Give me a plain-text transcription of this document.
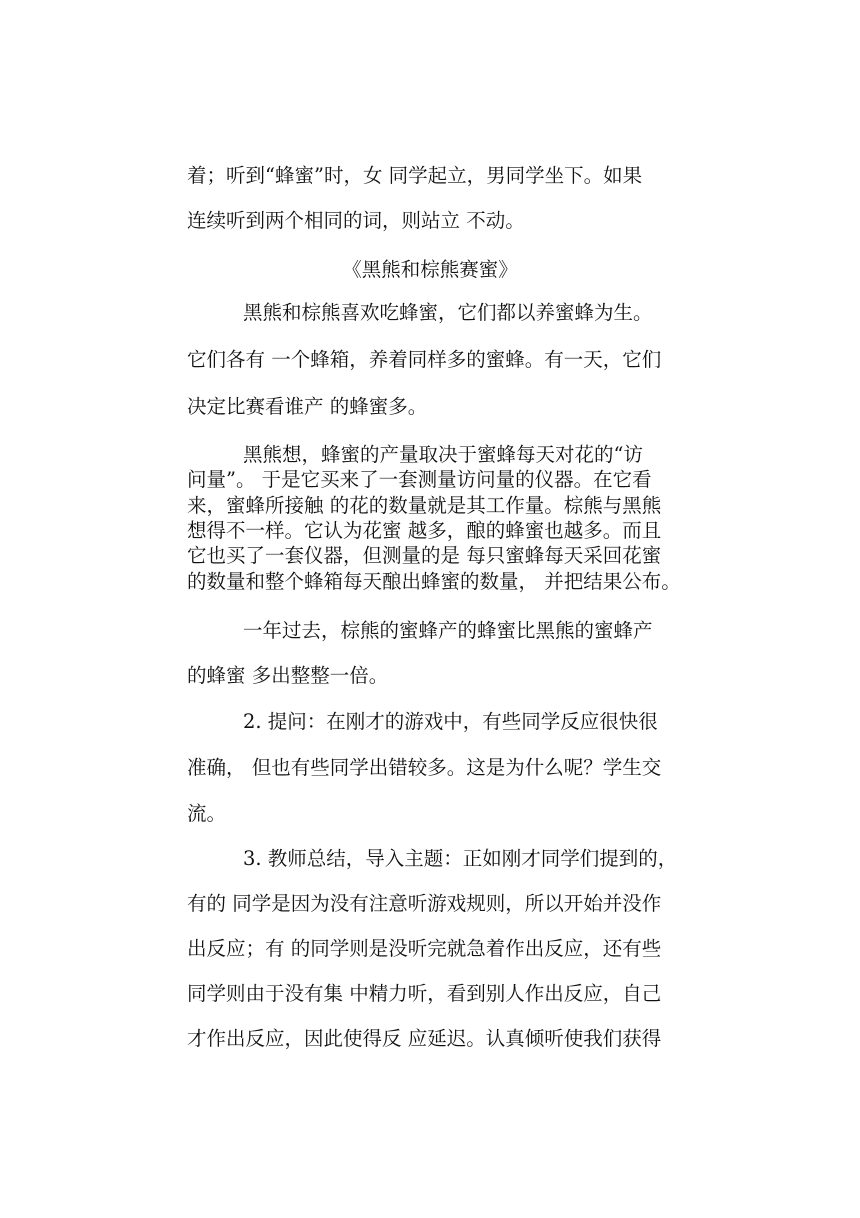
着；听到“蜂蜜”时，女 同学起立，男同学坐下。如果
连续听到两个相同的词，则站立 不动。
《黑熊和棕熊赛蜜》
黑熊和棕熊喜欢吃蜂蜜，它们都以养蜜蜂为生。
它们各有 一个蜂箱，养着同样多的蜜蜂。有一天，它们
决定比赛看谁产 的蜂蜜多。
黑熊想，蜂蜜的产量取决于蜜蜂每天对花的“访
问量”。 于是它买来了一套测量访问量的仪器。在它看
来，蜜蜂所接触 的花的数量就是其工作量。棕熊与黑熊
想得不一样。它认为花蜜 越多，酿的蜂蜜也越多。而且
它也买了一套仪器，但测量的是 每只蜜蜂每天采回花蜜
的数量和整个蜂箱每天酿出蜂蜜的数量， 并把结果公布。
一年过去，棕熊的蜜蜂产的蜂蜜比黑熊的蜜蜂产
的蜂蜜 多出整整一倍。
2. 提问：在刚才的游戏中，有些同学反应很快很
准确， 但也有些同学出错较多。这是为什么呢？学生交
流。
3. 教师总结，导入主题：正如刚才同学们提到的，
有的 同学是因为没有注意听游戏规则，所以开始并没作
出反应；有 的同学则是没听完就急着作出反应，还有些
同学则由于没有集 中精力听，看到别人作出反应，自己
才作出反应，因此使得反 应延迟。认真倾听使我们获得
